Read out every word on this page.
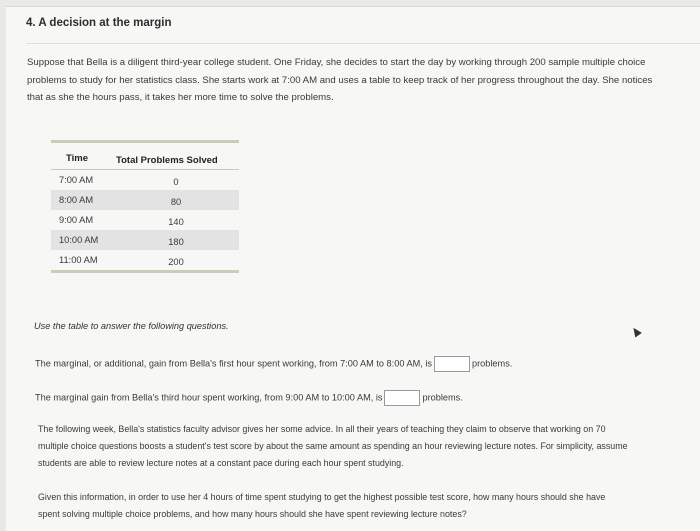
4. A decision at the margin
Suppose that Bella is a diligent third-year college student. One Friday, she decides to start the day by working through 200 sample multiple choice
problems to study for her statistics class. She starts work at 7:00 AM and uses a table to keep track of her progress throughout the day. She notices
that as she the hours pass, it takes her more time to solve the problems.
Time	Total Problems Solved
7:00 AM	0
8:00 AM	80
9:00 AM	140
10:00 AM	180
11:00 AM	200
Use the table to answer the following questions.
The marginal, or additional, gain from Bella's first hour spent working, from 7:00 AM to 8:00 AM, is	problems.
The marginal gain from Bella's third hour spent working, from 9:00 AM to 10:00 AM, is	problems.
The following week, Bella's statistics faculty advisor gives her some advice. In all their years of teaching they claim to observe that working on 70
multiple choice questions boosts a student's test score by about the same amount as spending an hour reviewing lecture notes. For simplicity, assume
students are able to review lecture notes at a constant pace during each hour spent studying.
Given this information, in order to use her 4 hours of time spent studying to get the highest possible test score, how many hours should she have
spent solving multiple choice problems, and how many hours should she have spent reviewing lecture notes?
